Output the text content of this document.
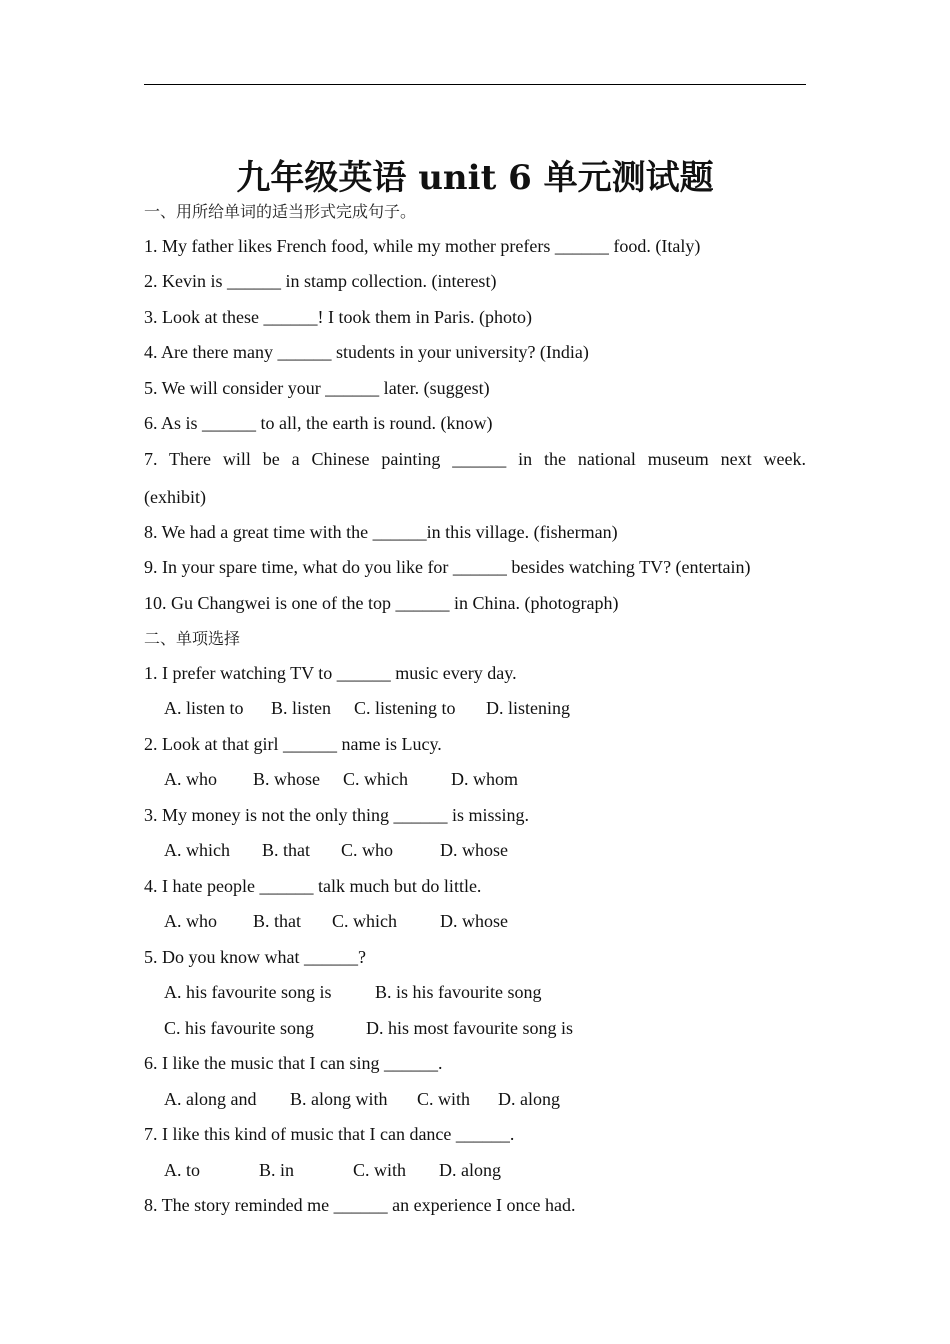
九年级英语 unit 6 单元测试题
一、用所给单词的适当形式完成句子。
1. My father likes French food, while my mother prefers ______ food. (Italy)
2. Kevin is ______ in stamp collection. (interest)
3. Look at these ______! I took them in Paris. (photo)
4. Are there many ______ students in your university? (India)
5. We will consider your ______ later. (suggest)
6. As is ______ to all, the earth is round. (know)
7. There will be a Chinese painting ______ in the national museum next week.
(exhibit)
8. We had a great time with the ______in this village. (fisherman)
9. In your spare time, what do you like for ______ besides watching TV? (entertain)
10. Gu Changwei is one of the top ______ in China. (photograph)
二、单项选择
1. I prefer watching TV to ______ music every day.

A. listen to

B. listen

C. listening to

D. listening

2. Look at that girl ______ name is Lucy.

A. who

B. whose

C. which

D. whom

3. My money is not the only thing ______ is missing.

A. which

B. that

C. who

	D. whose

4. I hate people ______ talk much but do little.

A. who

B. that

C. which

D. whose

5. Do you know what ______?

A. his favourite song is

B. is his favourite song

C. his favourite song

	D. his most favourite song is

6. I like the music that I can sing ______.

A. along and

B. along with

C. with

D. along

7. I like this kind of music that I can dance ______.

A. to

	B. in

	C. with

D. along

8. The story reminded me ______ an experience I once had.
